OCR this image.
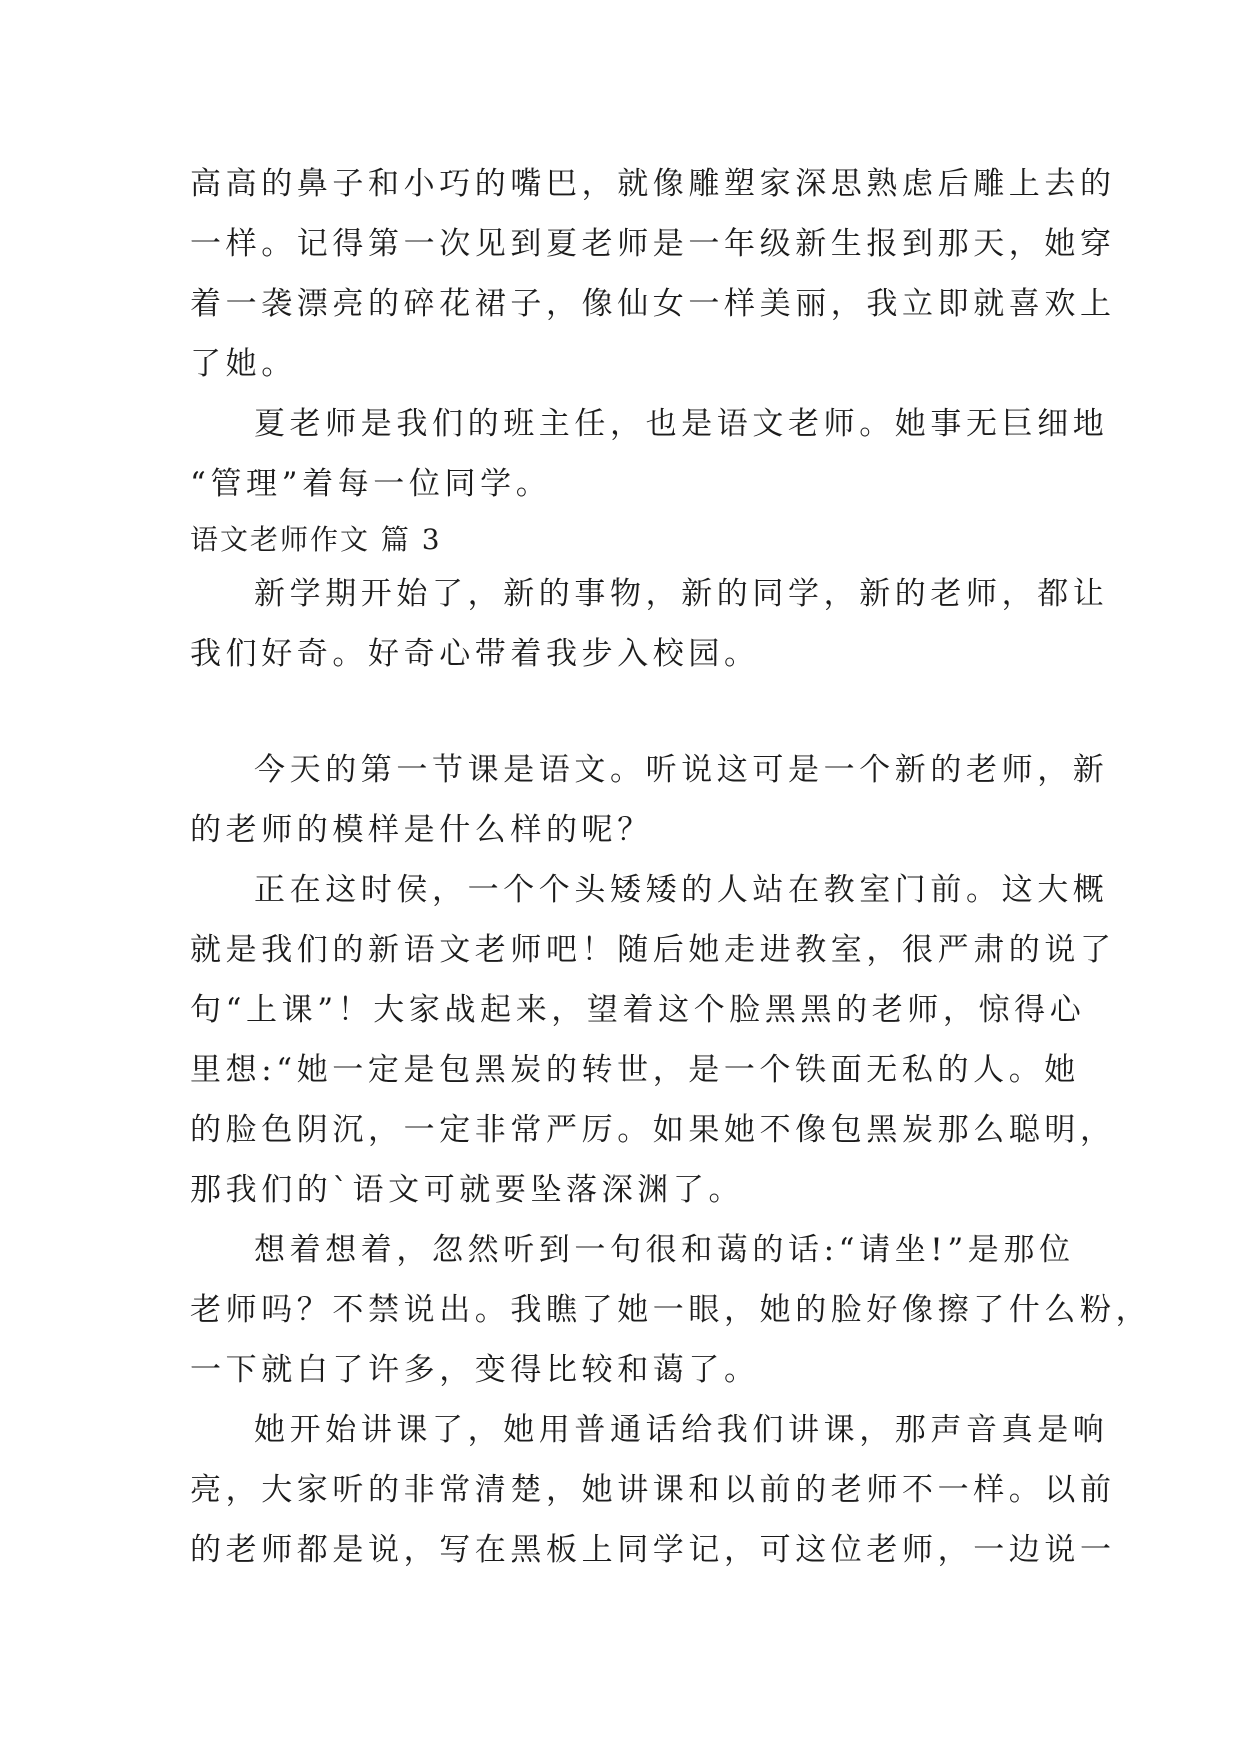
高高的鼻子和小巧的嘴巴，就像雕塑家深思熟虑后雕上去的
一样。记得第一次见到夏老师是一年级新生报到那天，她穿
着一袭漂亮的碎花裙子，像仙女一样美丽，我立即就喜欢上
了她。
夏老师是我们的班主任，也是语文老师。她事无巨细地
“管理”着每一位同学。
语文老师作文 篇 3
新学期开始了，新的事物，新的同学，新的老师，都让
我们好奇。好奇心带着我步入校园。
今天的第一节课是语文。听说这可是一个新的老师，新
的老师的模样是什么样的呢？
正在这时侯，一个个头矮矮的人站在教室门前。这大概
就是我们的新语文老师吧！随后她走进教室，很严肃的说了
句“上课”！大家战起来，望着这个脸黑黑的老师，惊得心
里想:“她一定是包黑炭的转世，是一个铁面无私的人。她
的脸色阴沉，一定非常严厉。如果她不像包黑炭那么聪明，
那我们的`语文可就要坠落深渊了。
想着想着，忽然听到一句很和蔼的话:“请坐!”是那位
老师吗？不禁说出。我瞧了她一眼，她的脸好像擦了什么粉，
一下就白了许多，变得比较和蔼了。
她开始讲课了，她用普通话给我们讲课，那声音真是响
亮，大家听的非常清楚，她讲课和以前的老师不一样。以前
的老师都是说，写在黑板上同学记，可这位老师，一边说一
